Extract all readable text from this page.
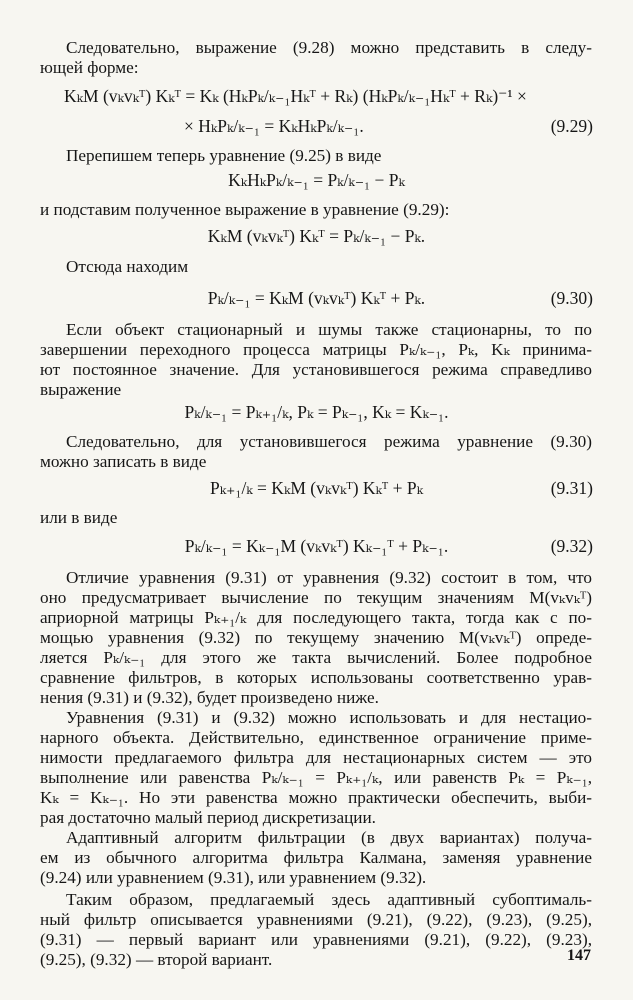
Следовательно, выражение (9.28) можно представить в следу-
ющей форме:
KₖM (vₖvₖᵀ) Kₖᵀ = Kₖ (HₖPₖ/ₖ₋₁Hₖᵀ + Rₖ) (HₖPₖ/ₖ₋₁Hₖᵀ + Rₖ)⁻¹ ×
× HₖPₖ/ₖ₋₁ = KₖHₖPₖ/ₖ₋₁.	(9.29)
Перепишем теперь уравнение (9.25) в виде
KₖHₖPₖ/ₖ₋₁ = Pₖ/ₖ₋₁ − Pₖ
и подставим полученное выражение в уравнение (9.29):
KₖM (vₖvₖᵀ) Kₖᵀ = Pₖ/ₖ₋₁ − Pₖ.
Отсюда находим
Pₖ/ₖ₋₁ = KₖM (vₖvₖᵀ) Kₖᵀ + Pₖ.	(9.30)
Если объект стационарный и шумы также стационарны, то по
завершении переходного процесса матрицы Pₖ/ₖ₋₁, Pₖ, Kₖ принима-
ют постоянное значение. Для установившегося режима справедливо
выражение
Pₖ/ₖ₋₁ = Pₖ₊₁/ₖ, Pₖ = Pₖ₋₁, Kₖ = Kₖ₋₁.
Следовательно, для установившегося режима уравнение (9.30)
можно записать в виде
Pₖ₊₁/ₖ = KₖM (vₖvₖᵀ) Kₖᵀ + Pₖ	(9.31)
или в виде
Pₖ/ₖ₋₁ = Kₖ₋₁M (vₖvₖᵀ) Kₖ₋₁ᵀ + Pₖ₋₁.	(9.32)
Отличие уравнения (9.31) от уравнения (9.32) состоит в том, что
оно предусматривает вычисление по текущим значениям M(vₖvₖᵀ)
априорной матрицы Pₖ₊₁/ₖ для последующего такта, тогда как с по-
мощью уравнения (9.32) по текущему значению M(vₖvₖᵀ) опреде-
ляется Pₖ/ₖ₋₁ для этого же такта вычислений. Более подробное
сравнение фильтров, в которых использованы соответственно урав-
нения (9.31) и (9.32), будет произведено ниже.
Уравнения (9.31) и (9.32) можно использовать и для нестацио-
нарного объекта. Действительно, единственное ограничение приме-
нимости предлагаемого фильтра для нестационарных систем — это
выполнение или равенства Pₖ/ₖ₋₁ = Pₖ₊₁/ₖ, или равенств Pₖ = Pₖ₋₁,
Kₖ = Kₖ₋₁. Но эти равенства можно практически обеспечить, выби-
рая достаточно малый период дискретизации.
Адаптивный алгоритм фильтрации (в двух вариантах) получа-
ем из обычного алгоритма фильтра Калмана, заменяя уравнение
(9.24) или уравнением (9.31), или уравнением (9.32).
Таким образом, предлагаемый здесь адаптивный субоптималь-
ный фильтр описывается уравнениями (9.21), (9.22), (9.23), (9.25),
(9.31) — первый вариант или уравнениями (9.21), (9.22), (9.23),
(9.25), (9.32) — второй вариант.	147
